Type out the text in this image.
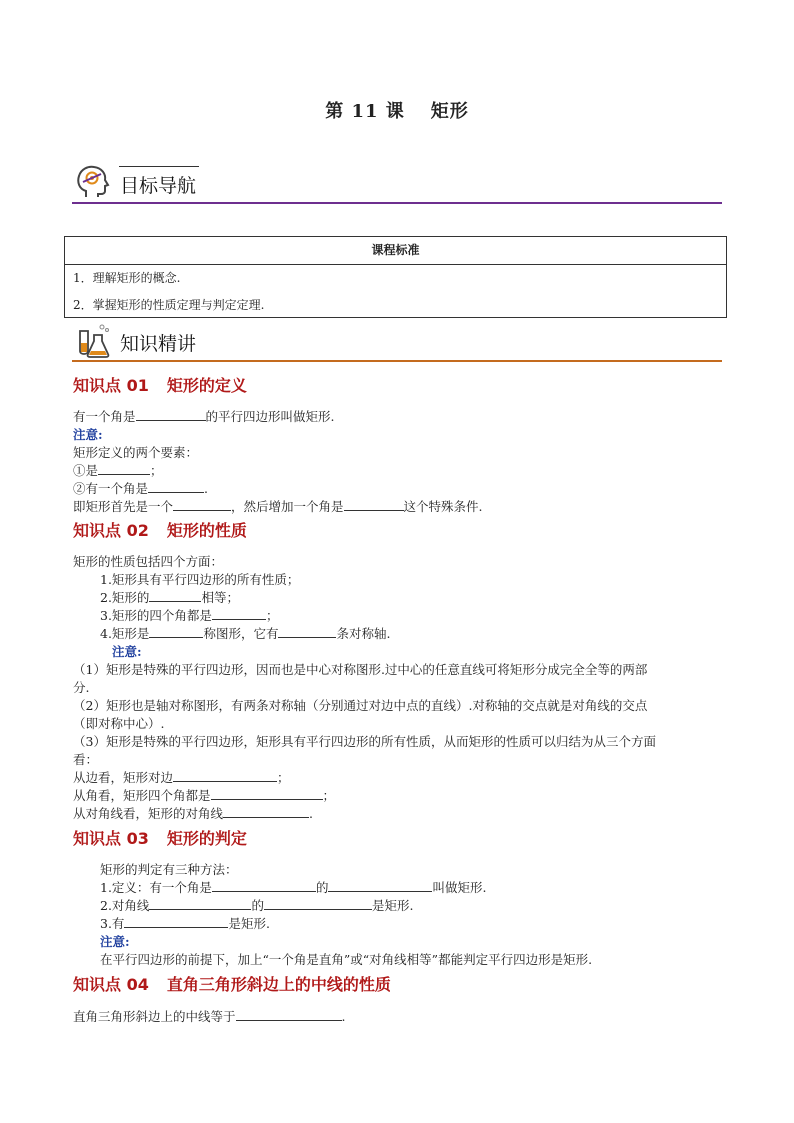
第 11 课 矩形
目标导航
课程标准
1．理解矩形的概念.
2．掌握矩形的性质定理与判定定理.
知识精讲
知识点 01 矩形的定义
有一个角是	的平行四边形叫做矩形.
注意:
矩形定义的两个要素：
①是	；
②有一个角是	.
即矩形首先是一个	，然后增加一个角是	这个特殊条件.
知识点 02 矩形的性质
矩形的性质包括四个方面：
1.矩形具有平行四边形的所有性质；
2.矩形的	相等；
3.矩形的四个角都是	；
4.矩形是	称图形，它有	条对称轴.
注意:
（1）矩形是特殊的平行四边形，因而也是中心对称图形.过中心的任意直线可将矩形分成完全全等的两部
分.
（2）矩形也是轴对称图形，有两条对称轴（分别通过对边中点的直线）.对称轴的交点就是对角线的交点
（即对称中心）.
（3）矩形是特殊的平行四边形，矩形具有平行四边形的所有性质，从而矩形的性质可以归结为从三个方面
看：
从边看，矩形对边	；
从角看，矩形四个角都是	；
从对角线看，矩形的对角线	.
知识点 03 矩形的判定
矩形的判定有三种方法：
1.定义：有一个角是	的	叫做矩形.
2.对角线	的	是矩形.
3.有	是矩形.
注意:
在平行四边形的前提下，加上“一个角是直角”或“对角线相等”都能判定平行四边形是矩形.
知识点 04 直角三角形斜边上的中线的性质
直角三角形斜边上的中线等于	.
